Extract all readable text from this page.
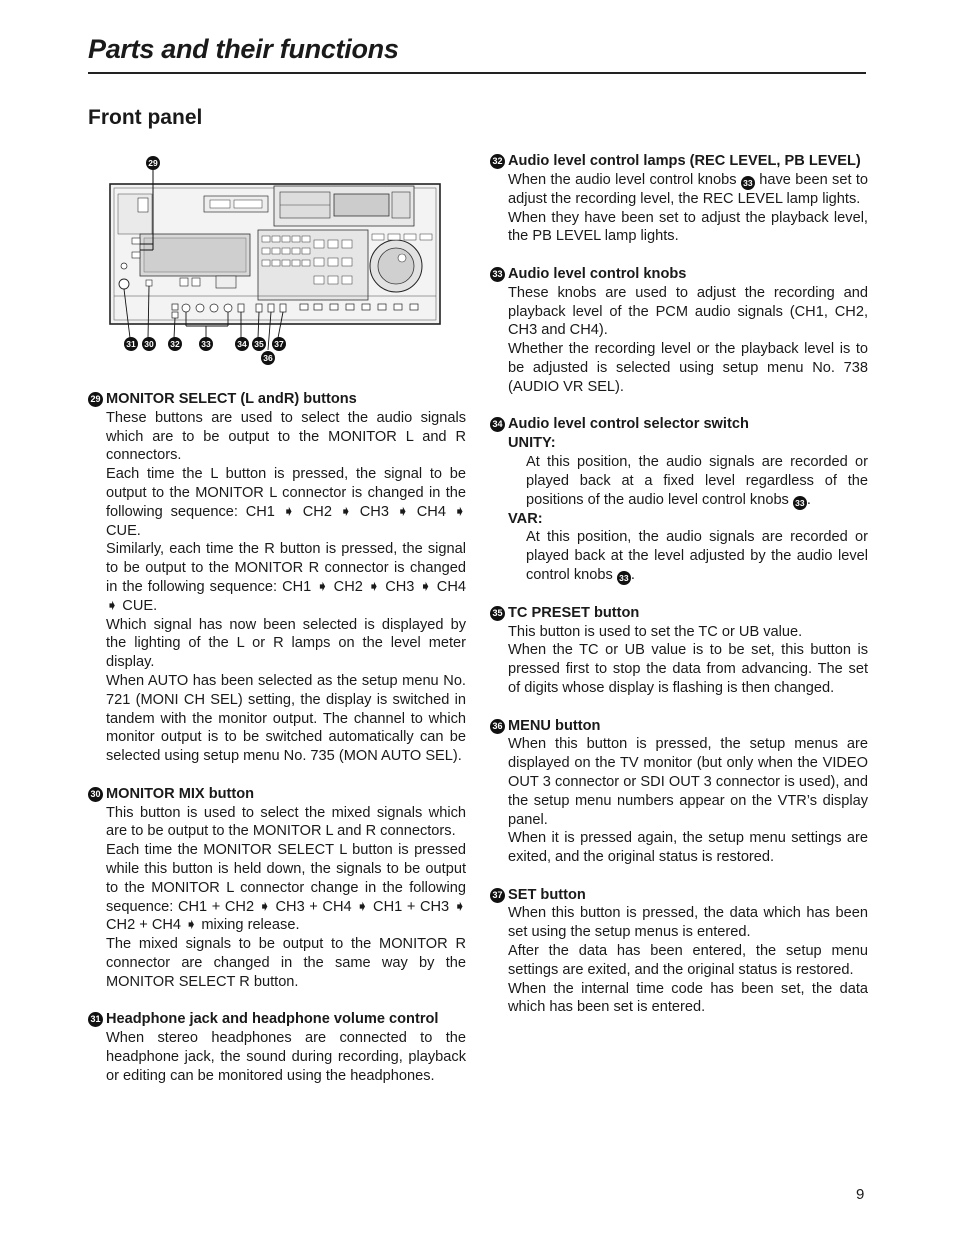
Parts and their functions
Front panel
29
31 30 32	33	34 35 37
36
29 MONITOR SELECT (L andR) buttons

These buttons are used to select the audio signals which are to be output to the MONITOR L and R connectors.

Each time the L button is pressed, the signal to be output to the MONITOR L connector is changed in the following sequence: CH1 ➧ CH2 ➧ CH3 ➧ CH4 ➧ CUE.

Similarly, each time the R button is pressed, the signal to be output to the MONITOR R connector is changed in the following sequence: CH1 ➧ CH2 ➧ CH3 ➧ CH4 ➧ CUE.

Which signal has now been selected is displayed by the lighting of the L or R lamps on the level meter display.

When AUTO has been selected as the setup menu No. 721 (MONI CH SEL) setting, the display is switched in tandem with the monitor output. The channel to which monitor output is to be switched automatically can be selected using setup menu No. 735 (MON AUTO SEL).

30 MONITOR MIX button

This button is used to select the mixed signals which are to be output to the MONITOR L and R connectors.

Each time the MONITOR SELECT L button is pressed while this button is held down, the signals to be output to the MONITOR L connector change in the following sequence: CH1 + CH2 ➧ CH3 + CH4 ➧ CH1 + CH3 ➧ CH2 + CH4 ➧ mixing release.

The mixed signals to be output to the MONITOR R connector are changed in the same way by the MONITOR SELECT R button.

31 Headphone jack and headphone volume control

When stereo headphones are connected to the headphone jack, the sound during recording, playback or editing can be monitored using the headphones.

32 Audio level control lamps (REC LEVEL, PB LEVEL)

When the audio level control knobs 33 have been set to adjust the recording level, the REC LEVEL lamp lights.

When they have been set to adjust the playback level, the PB LEVEL lamp lights.

33 Audio level control knobs

These knobs are used to adjust the recording and playback level of the PCM audio signals (CH1, CH2, CH3 and CH4).

Whether the recording level or the playback level is to be adjusted is selected using setup menu No. 738 (AUDIO VR SEL).

34 Audio level control selector switch
UNITY:
At this position, the audio signals are recorded or played back at a fixed level regardless of the positions of the audio level control knobs 33 .
VAR:
At this position, the audio signals are recorded or played back at the level adjusted by the audio level control knobs 33 .
35 TC PRESET button

This button is used to set the TC or UB value.

When the TC or UB value is to be set, this button is pressed first to stop the data from advancing. The set of digits whose display is flashing is then changed.

36 MENU button

When this button is pressed, the setup menus are displayed on the TV monitor (but only when the VIDEO OUT 3 connector or SDI OUT 3 connector is used), and the setup menu numbers appear on the VTR’s display panel.

When it is pressed again, the setup menu settings are exited, and the original status is restored.

37 SET button

When this button is pressed, the data which has been set using the setup menus is entered.

After the data has been entered, the setup menu settings are exited, and the original status is restored.

When the internal time code has been set, the data which has been set is entered.

9
